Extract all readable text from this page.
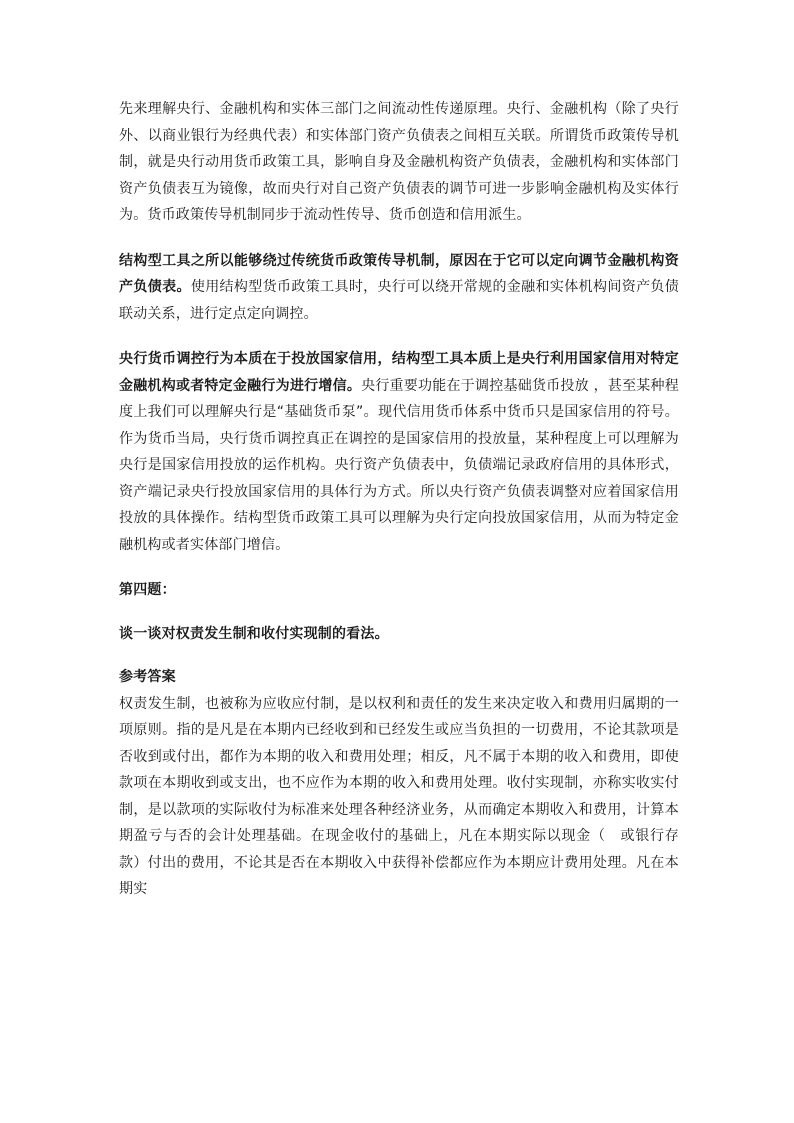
先来理解央行、金融机构和实体三部门之间流动性传递原理。央行、金融机构（除了央行外、以商业银行为经典代表）和实体部门资产负债表之间相互关联。所谓货币政策传导机制，就是央行动用货币政策工具，影响自身及金融机构资产负债表，金融机构和实体部门资产负债表互为镜像，故而央行对自己资产负债表的调节可进一步影响金融机构及实体行为。货币政策传导机制同步于流动性传导、货币创造和信用派生。

结构型工具之所以能够绕过传统货币政策传导机制，原因在于它可以定向调节金融机构资产负债表。使用结构型货币政策工具时，央行可以绕开常规的金融和实体机构间资产负债联动关系，进行定点定向调控。

央行货币调控行为本质在于投放国家信用，结构型工具本质上是央行利用国家信用对特定金融机构或者特定金融行为进行增信。央行重要功能在于调控基础货币投放 ，甚至某种程度上我们可以理解央行是“基础货币泵”。现代信用货币体系中货币只是国家信用的符号。作为货币当局，央行货币调控真正在调控的是国家信用的投放量，某种程度上可以理解为央行是国家信用投放的运作机构。央行资产负债表中，负债端记录政府信用的具体形式，资产端记录央行投放国家信用的具体行为方式。所以央行资产负债表调整对应着国家信用投放的具体操作。结构型货币政策工具可以理解为央行定向投放国家信用，从而为特定金融机构或者实体部门增信。

第四题：

谈一谈对权责发生制和收付实现制的看法。

参考答案

权责发生制，也被称为应收应付制，是以权利和责任的发生来决定收入和费用归属期的一项原则。指的是凡是在本期内已经收到和已经发生或应当负担的一切费用，不论其款项是否收到或付出，都作为本期的收入和费用处理；相反，凡不属于本期的收入和费用，即使款项在本期收到或支出，也不应作为本期的收入和费用处理。收付实现制，亦称实收实付制，是以款项的实际收付为标准来处理各种经济业务，从而确定本期收入和费用，计算本期盈亏与否的会计处理基础。在现金收付的基础上，凡在本期实际以现金（　或银行存款）付出的费用，不论其是否在本期收入中获得补偿都应作为本期应计费用处理。凡在本期实
